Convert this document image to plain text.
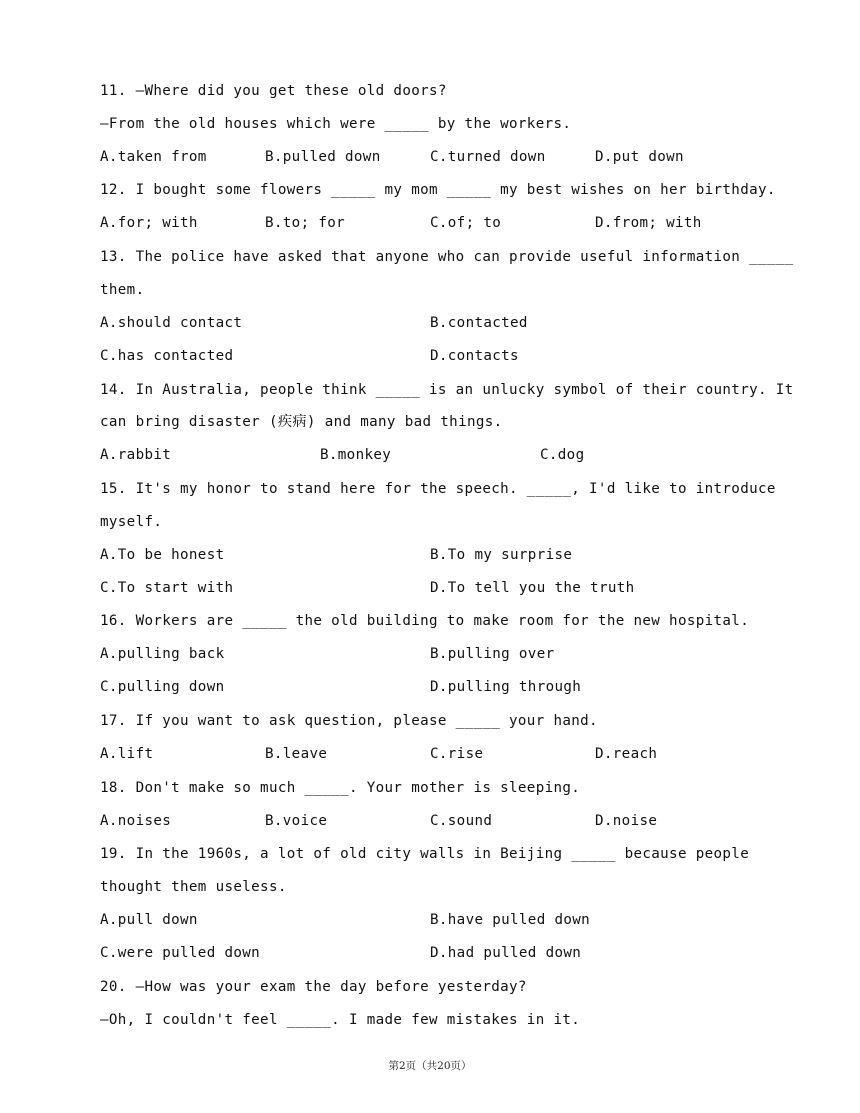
11. —Where did you get these old doors?
—From the old houses which were _____ by the workers.
A.taken from	B.pulled down	C.turned down	D.put down
12. I bought some flowers _____ my mom _____ my best wishes on her birthday.
A.for; with	B.to; for	C.of; to	D.from; with
13. The police have asked that anyone who can provide useful information _____
them.
A.should contact	B.contacted
C.has contacted	D.contacts
14. In Australia, people think _____ is an unlucky symbol of their country. It
can bring disaster (疾病) and many bad things.
A.rabbit	B.monkey	C.dog
15. It's my honor to stand here for the speech. _____, I'd like to introduce
myself.
A.To be honest	B.To my surprise
C.To start with	D.To tell you the truth
16. Workers are _____ the old building to make room for the new hospital.
A.pulling back	B.pulling over
C.pulling down	D.pulling through
17. If you want to ask question, please _____ your hand.
A.lift	B.leave	C.rise	D.reach
18. Don't make so much _____. Your mother is sleeping.
A.noises	B.voice	C.sound	D.noise
19. In the 1960s, a lot of old city walls in Beijing _____ because people
thought them useless.
A.pull down	B.have pulled down
C.were pulled down	D.had pulled down
20. —How was your exam the day before yesterday?
—Oh, I couldn't feel _____. I made few mistakes in it.
第2页（共20页）
